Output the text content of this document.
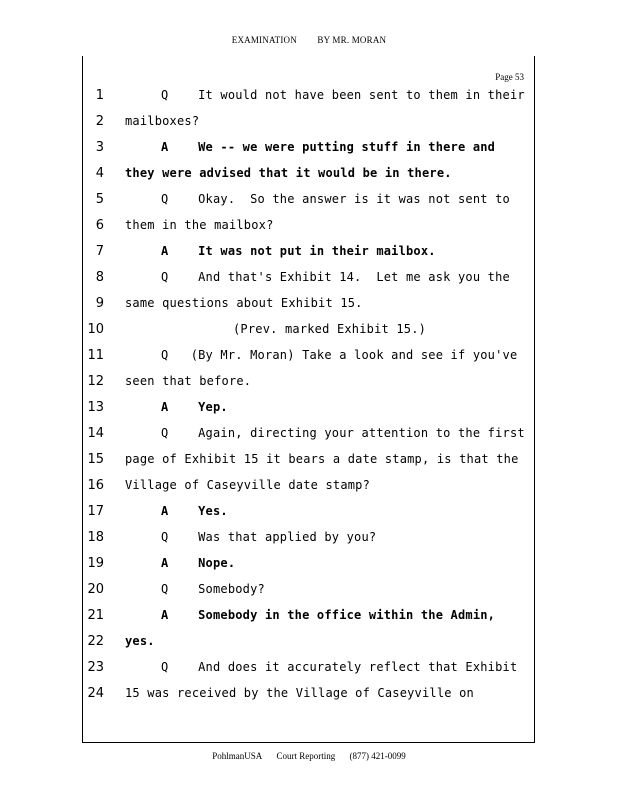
EXAMINATION BY MR. MORAN
Page 53
1	Q    It would not have been sent to them in their
2 mailboxes?
3	A    We -- we were putting stuff in there and
4 they were advised that it would be in there.
5	Q    Okay.  So the answer is it was not sent to
6 them in the mailbox?
7	A    It was not put in their mailbox.
8	Q    And that's Exhibit 14.  Let me ask you the
9 same questions about Exhibit 15.
10	(Prev. marked Exhibit 15.)
11	Q   (By Mr. Moran) Take a look and see if you've
12 seen that before.
13	A    Yep.
14	Q    Again, directing your attention to the first
15 page of Exhibit 15 it bears a date stamp, is that the
16 Village of Caseyville date stamp?
17	A    Yes.
18	Q    Was that applied by you?
19	A    Nope.
20	Q    Somebody?
21	A    Somebody in the office within the Admin,
22 yes.
23	Q    And does it accurately reflect that Exhibit
24 15 was received by the Village of Caseyville on
PohlmanUSA Court Reporting (877) 421-0099
